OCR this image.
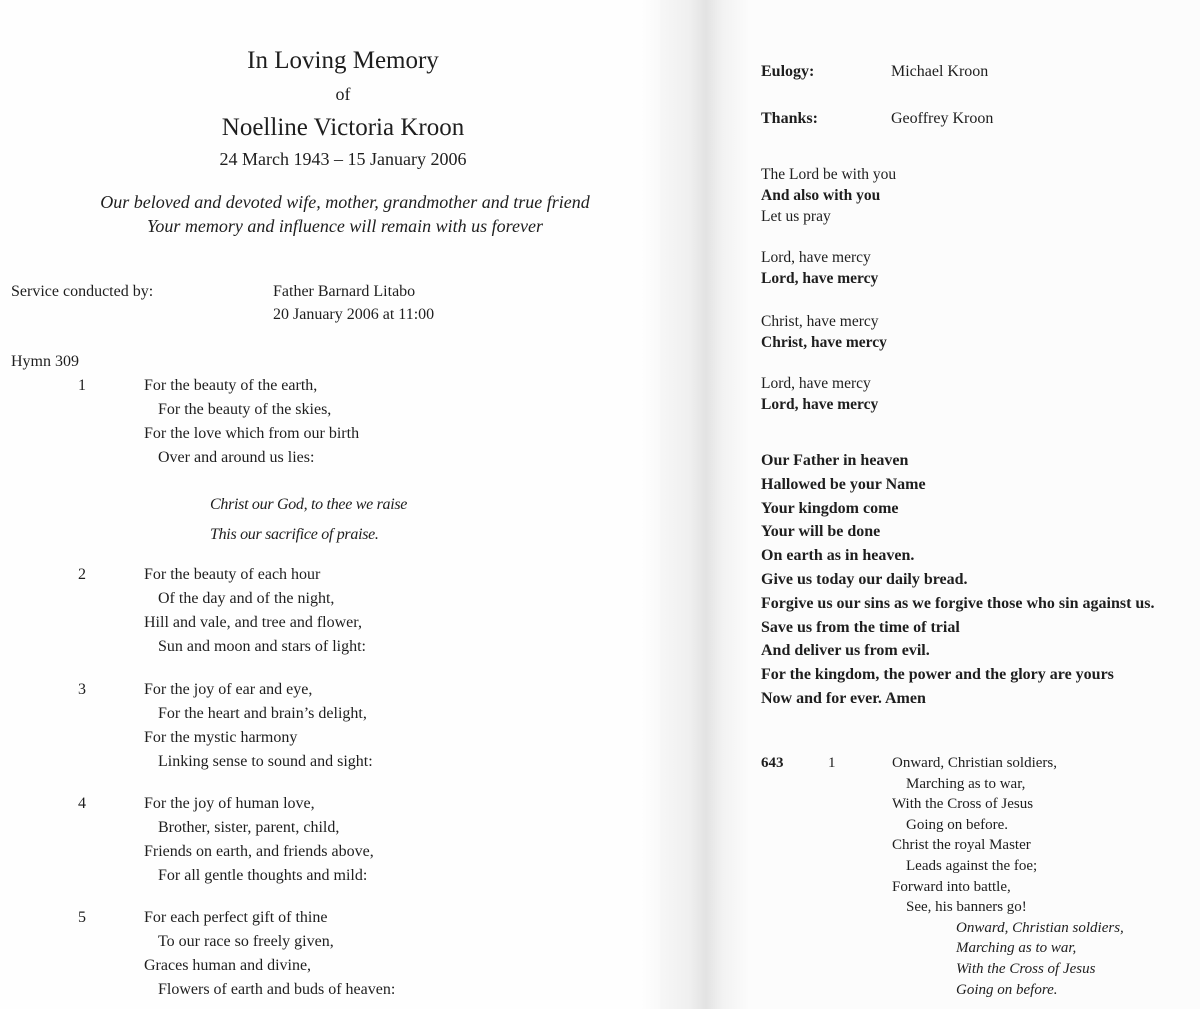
In Loving Memory
of
Noelline Victoria Kroon
24 March 1943 – 15 January 2006
Our beloved and devoted wife, mother, grandmother and true friend
Your memory and influence will remain with us forever
Service conducted by:	Father Barnard Litabo
20 January 2006 at 11:00
Hymn 309
1	For the beauty of the earth,
For the beauty of the skies,
For the love which from our birth
Over and around us lies:
Christ our God, to thee we raise
This our sacrifice of praise.
2	For the beauty of each hour
Of the day and of the night,
Hill and vale, and tree and flower,
Sun and moon and stars of light:
3	For the joy of ear and eye,
For the heart and brain’s delight,
For the mystic harmony
Linking sense to sound and sight:
4	For the joy of human love,
Brother, sister, parent, child,
Friends on earth, and friends above,
For all gentle thoughts and mild:
5	For each perfect gift of thine
To our race so freely given,
Graces human and divine,
Flowers of earth and buds of heaven:
Eulogy:	Michael Kroon
Thanks:	Geoffrey Kroon
The Lord be with you
And also with you
Let us pray
Lord, have mercy
Lord, have mercy
Christ, have mercy
Christ, have mercy
Lord, have mercy
Lord, have mercy
Our Father in heaven
Hallowed be your Name
Your kingdom come
Your will be done
On earth as in heaven.
Give us today our daily bread.
Forgive us our sins as we forgive those who sin against us.
Save us from the time of trial
And deliver us from evil.
For the kingdom, the power and the glory are yours
Now and for ever. Amen
643	1	Onward, Christian soldiers,
Marching as to war,
With the Cross of Jesus
Going on before.
Christ the royal Master
Leads against the foe;
Forward into battle,
See, his banners go!
Onward, Christian soldiers,
Marching as to war,
With the Cross of Jesus
Going on before.
